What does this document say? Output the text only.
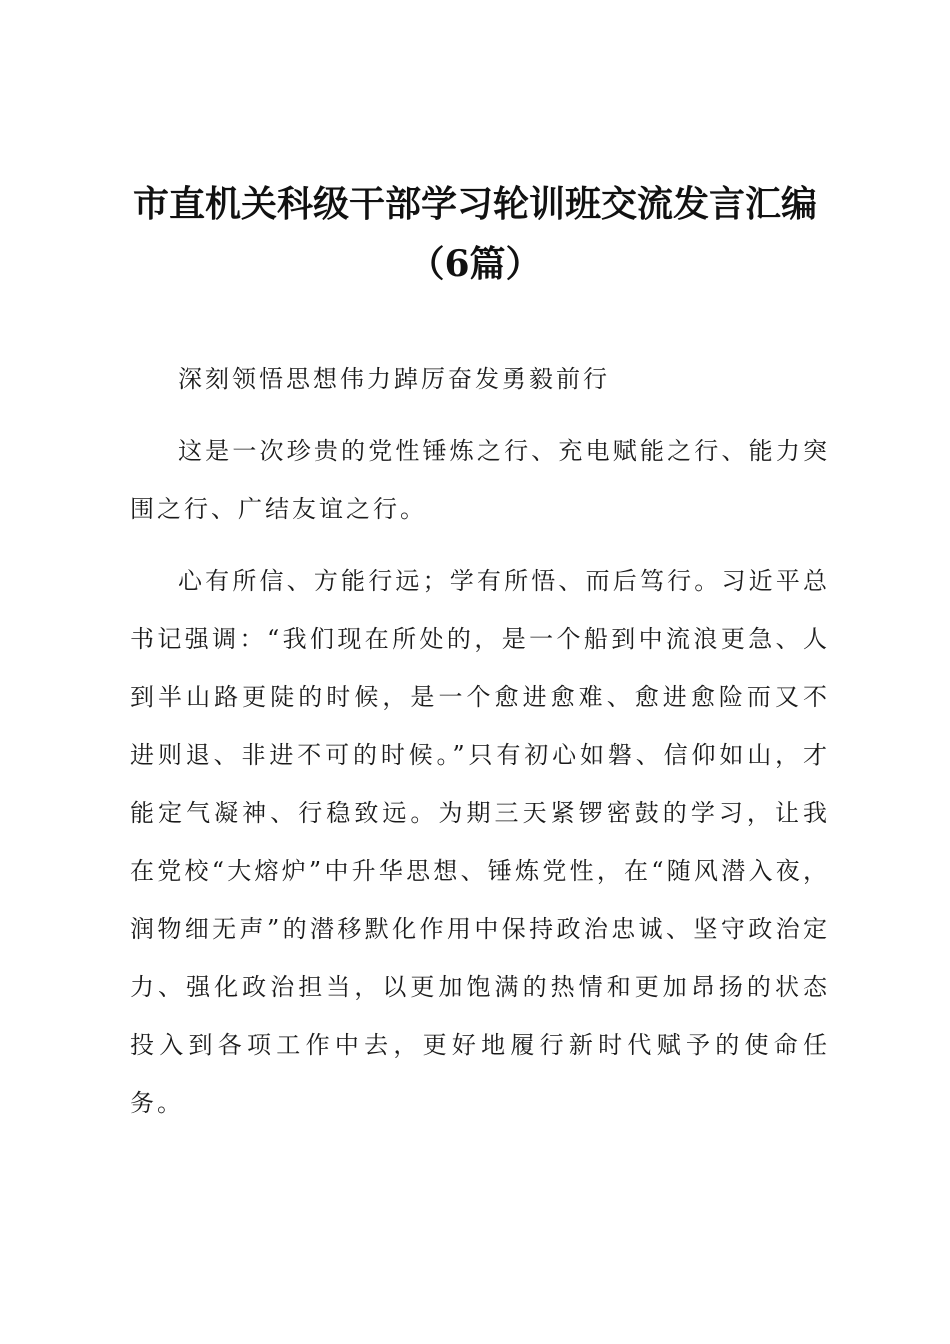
市直机关科级干部学习轮训班交流发言汇编
（6篇）

深刻领悟思想伟力踔厉奋发勇毅前行

这是一次珍贵的党性锤炼之行、充电赋能之行、能力突围之行、广结友谊之行。

心有所信、方能行远；学有所悟、而后笃行。习近平总书记强调：“我们现在所处的，是一个船到中流浪更急、人到半山路更陡的时候，是一个愈进愈难、愈进愈险而又不进则退、非进不可的时候。”只有初心如磐、信仰如山，才能定气凝神、行稳致远。为期三天紧锣密鼓的学习，让我在党校“大熔炉”中升华思想、锤炼党性，在“随风潜入夜，润物细无声”的潜移默化作用中保持政治忠诚、坚守政治定力、强化政治担当，以更加饱满的热情和更加昂扬的状态投入到各项工作中去，更好地履行新时代赋予的使命任务。
